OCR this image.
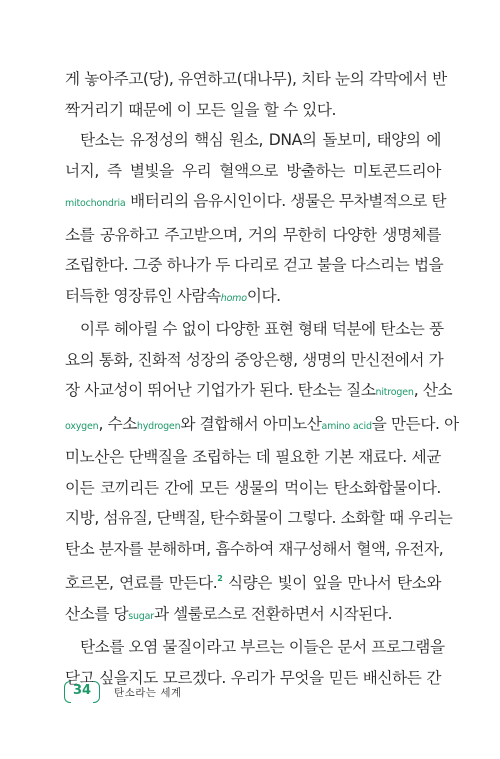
게 놓아주고(당), 유연하고(대나무), 치타 눈의 각막에서 반

짝거리기 때문에 이 모든 일을 할 수 있다.

탄소는 유정성의 핵심 원소, DNA의 돌보미, 태양의 에

너지, 즉 별빛을 우리 혈액으로 방출하는 미토콘드리아

mitochondria 배터리의 음유시인이다. 생물은 무차별적으로 탄

소를 공유하고 주고받으며, 거의 무한히 다양한 생명체를

조립한다. 그중 하나가 두 다리로 걷고 불을 다스리는 법을

터득한 영장류인 사람속homo이다.

이루 헤아릴 수 없이 다양한 표현 형태 덕분에 탄소는 풍

요의 통화, 진화적 성장의 중앙은행, 생명의 만신전에서 가

장 사교성이 뛰어난 기업가가 된다. 탄소는 질소nitrogen, 산소

oxygen, 수소hydrogen와 결합해서 아미노산amino acid을 만든다. 아

미노산은 단백질을 조립하는 데 필요한 기본 재료다. 세균

이든 코끼리든 간에 모든 생물의 먹이는 탄소화합물이다.

지방, 섬유질, 단백질, 탄수화물이 그렇다. 소화할 때 우리는

탄소 분자를 분해하며, 흡수하여 재구성해서 혈액, 유전자,

호르몬, 연료를 만든다.$^2$ 식량은 빛이 잎을 만나서 탄소와

산소를 당sugar과 셀룰로스로 전환하면서 시작된다.

탄소를 오염 물질이라고 부르는 이들은 문서 프로그램을

닫고 싶을지도 모르겠다. 우리가 무엇을 믿든 배신하든 간

34	탄소라는 세계
